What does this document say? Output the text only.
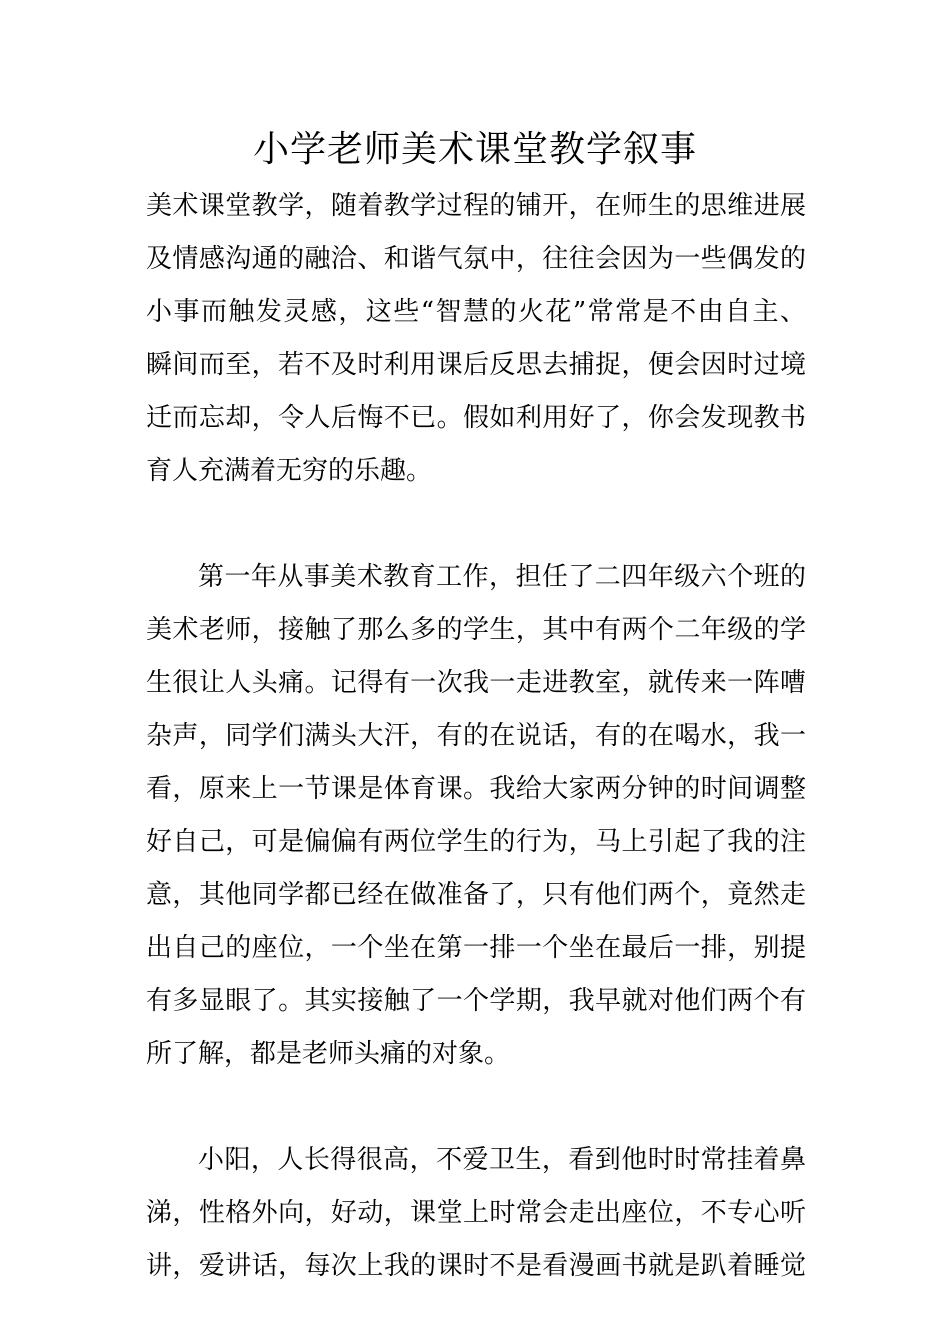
小学老师美术课堂教学叙事
美术课堂教学，随着教学过程的铺开，在师生的思维进展
及情感沟通的融洽、和谐气氛中，往往会因为一些偶发的
小事而触发灵感，这些“智慧的火花”常常是不由自主、
瞬间而至，若不及时利用课后反思去捕捉，便会因时过境
迁而忘却，令人后悔不已。假如利用好了，你会发现教书
育人充满着无穷的乐趣。
第一年从事美术教育工作，担任了二四年级六个班的
美术老师，接触了那么多的学生，其中有两个二年级的学
生很让人头痛。记得有一次我一走进教室，就传来一阵嘈
杂声，同学们满头大汗，有的在说话，有的在喝水，我一
看，原来上一节课是体育课。我给大家两分钟的时间调整
好自己，可是偏偏有两位学生的行为，马上引起了我的注
意，其他同学都已经在做准备了，只有他们两个，竟然走
出自己的座位，一个坐在第一排一个坐在最后一排，别提
有多显眼了。其实接触了一个学期，我早就对他们两个有
所了解，都是老师头痛的对象。
小阳，人长得很高，不爱卫生，看到他时时常挂着鼻
涕，性格外向，好动，课堂上时常会走出座位，不专心听
讲，爱讲话，每次上我的课时不是看漫画书就是趴着睡觉
